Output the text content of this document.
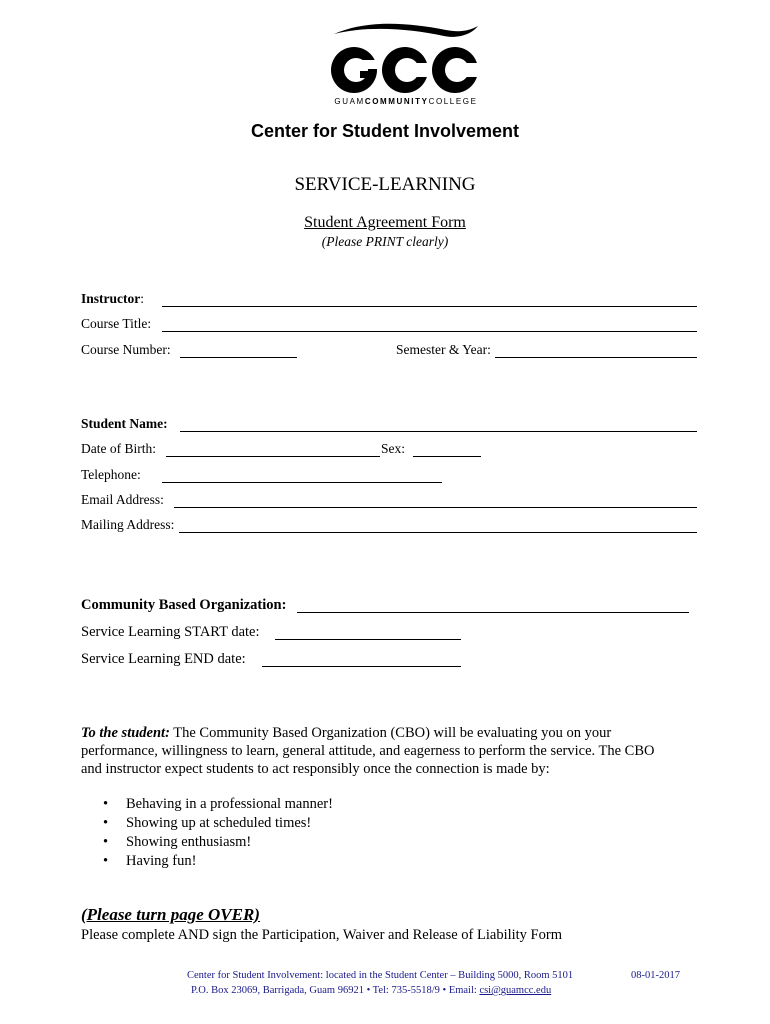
GUAMCOMMUNITYCOLLEGE
Center for Student Involvement
SERVICE-LEARNING
Student Agreement Form
(Please PRINT clearly)
Instructor:
Course Title:
Course Number:	Semester & Year:
Student Name:
Date of Birth:	Sex:
Telephone:
Email Address:
Mailing Address:
Community Based Organization:
Service Learning START date:
Service Learning END date:
To the student: The Community Based Organization (CBO) will be evaluating you on your
performance, willingness to learn, general attitude, and eagerness to perform the service. The CBO
and instructor expect students to act responsibly once the connection is made by:
• Behaving in a professional manner!
• Showing up at scheduled times!
• Showing enthusiasm!
• Having fun!
(Please turn page OVER)
Please complete AND sign the Participation, Waiver and Release of Liability Form
Center for Student Involvement: located in the Student Center – Building 5000, Room 5101	08-01-2017
P.O. Box 23069, Barrigada, Guam 96921 • Tel: 735-5518/9 • Email: csi@guamcc.edu
